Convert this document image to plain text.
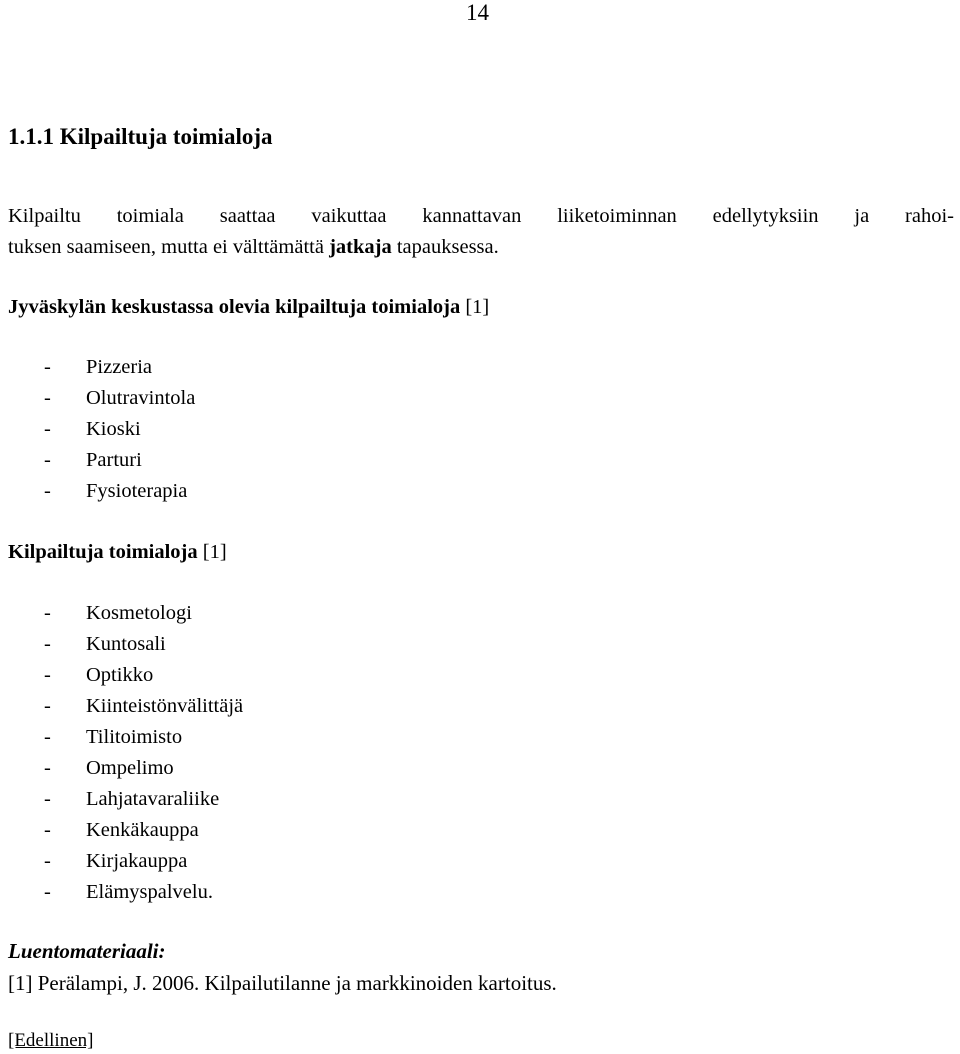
14
1.1.1 Kilpailtuja toimialoja

Kilpailtu toimiala saattaa vaikuttaa kannattavan liiketoiminnan edellytyksiin ja rahoi-
tuksen saamiseen, mutta ei välttämättä jatkaja tapauksessa.

Jyväskylän keskustassa olevia kilpailtuja toimialoja [1]

-	Pizzeria
-	Olutravintola
-	Kioski
-	Parturi
-	Fysioterapia

Kilpailtuja toimialoja [1]

-	Kosmetologi
-	Kuntosali
-	Optikko
-	Kiinteistönvälittäjä
-	Tilitoimisto
-	Ompelimo
-	Lahjatavaraliike
-	Kenkäkauppa
-	Kirjakauppa
-	Elämyspalvelu.

Luentomateriaali:

[1] Perälampi, J. 2006. Kilpailutilanne ja markkinoiden kartoitus.

[Edellinen]
